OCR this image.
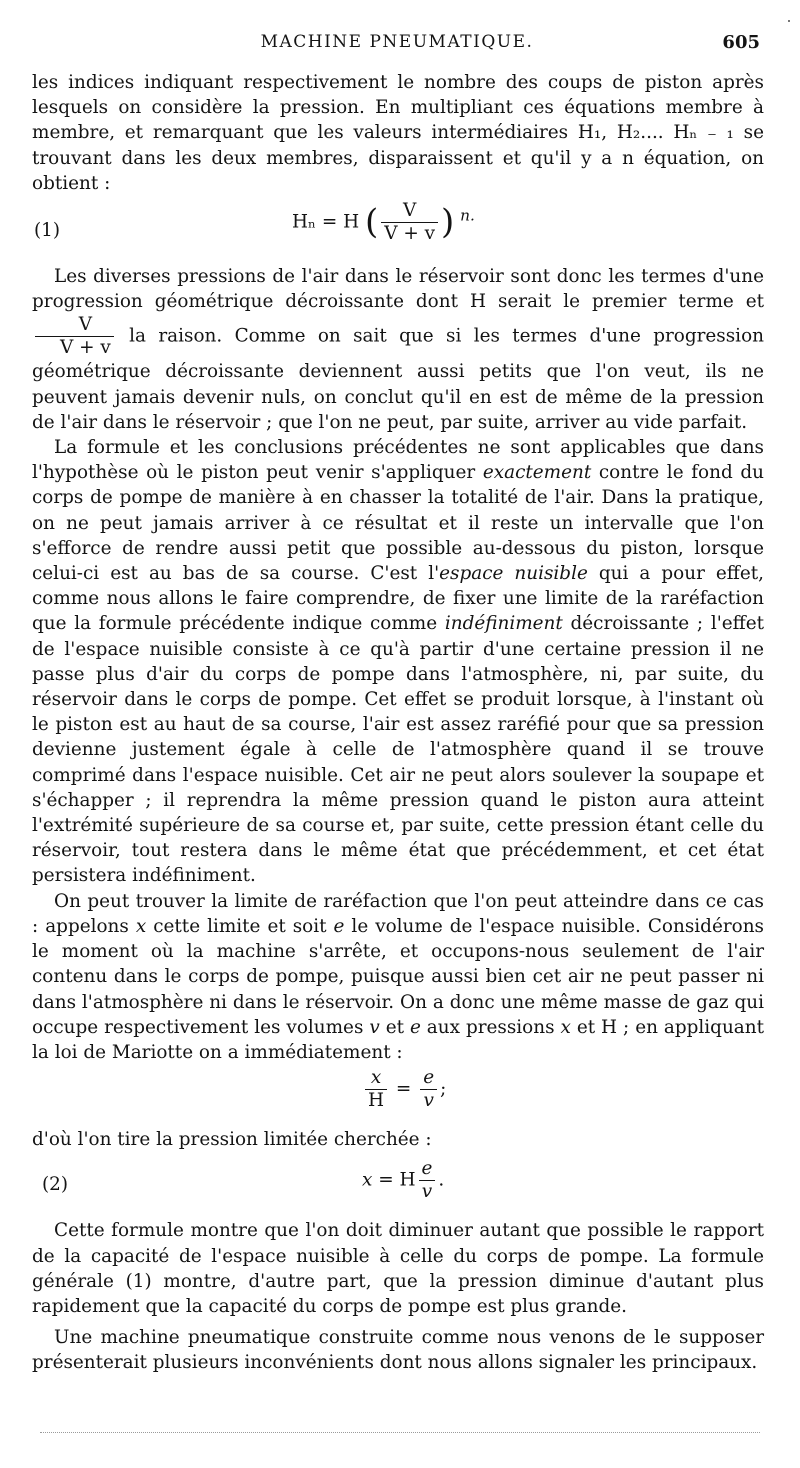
MACHINE PNEUMATIQUE.	605

les indices indiquant respectivement le nombre des coups de piston après lesquels on considère la pression. En multipliant ces équations membre à membre, et remarquant que les valeurs intermédiaires H₁, H₂.... Hₙ ₋ ₁ se trouvant dans les deux membres, disparaissent et qu'il y a n équation, on obtient :

(1)	Hₙ = H ( $\frac{V}{V + v}$ ) $^{n.}$

Les diverses pressions de l'air dans le réservoir sont donc les termes d'une progression géométrique décroissante dont H serait le premier terme et
$\frac{V}{V + v}$ la raison. Comme on sait que si les termes d'une progression géométrique décroissante deviennent aussi petits que l'on veut, ils ne peuvent jamais devenir nuls, on conclut qu'il en est de même de la pression de l'air dans le réservoir ; que l'on ne peut, par suite, arriver au vide parfait.

La formule et les conclusions précédentes ne sont applicables que dans l'hypothèse où le piston peut venir s'appliquer exactement contre le fond du corps de pompe de manière à en chasser la totalité de l'air. Dans la pratique, on ne peut jamais arriver à ce résultat et il reste un intervalle que l'on s'efforce de rendre aussi petit que possible au-dessous du piston, lorsque celui-ci est au bas de sa course. C'est l'espace nuisible qui a pour effet, comme nous allons le faire comprendre, de fixer une limite de la raréfaction que la formule précédente indique comme indéfiniment décroissante ; l'effet de l'espace nuisible consiste à ce qu'à partir d'une certaine pression il ne passe plus d'air du corps de pompe dans l'atmosphère, ni, par suite, du réservoir dans le corps de pompe. Cet effet se produit lorsque, à l'instant où le piston est au haut de sa course, l'air est assez raréfié pour que sa pression devienne justement égale à celle de l'atmosphère quand il se trouve comprimé dans l'espace nuisible. Cet air ne peut alors soulever la soupape et s'échapper ; il reprendra la même pression quand le piston aura atteint l'extrémité supérieure de sa course et, par suite, cette pression étant celle du réservoir, tout restera dans le même état que précédemment, et cet état persistera indéfiniment.

On peut trouver la limite de raréfaction que l'on peut atteindre dans ce cas : appelons x cette limite et soit e le volume de l'espace nuisible. Considérons le moment où la machine s'arrête, et occupons-nous seulement de l'air contenu dans le corps de pompe, puisque aussi bien cet air ne peut passer ni dans l'atmosphère ni dans le réservoir. On a donc une même masse de gaz qui occupe respectivement les volumes v et e aux pressions x et H ; en appliquant la loi de Mariotte on a immédiatement :

$\frac{x}{H} = \frac{e}{v}$ ;

d'où l'on tire la pression limitée cherchée :

(2)	x = H $\frac{e}{v}$ .

Cette formule montre que l'on doit diminuer autant que possible le rapport de la capacité de l'espace nuisible à celle du corps de pompe. La formule générale (1) montre, d'autre part, que la pression diminue d'autant plus rapidement que la capacité du corps de pompe est plus grande.

Une machine pneumatique construite comme nous venons de le supposer présenterait plusieurs inconvénients dont nous allons signaler les principaux.
